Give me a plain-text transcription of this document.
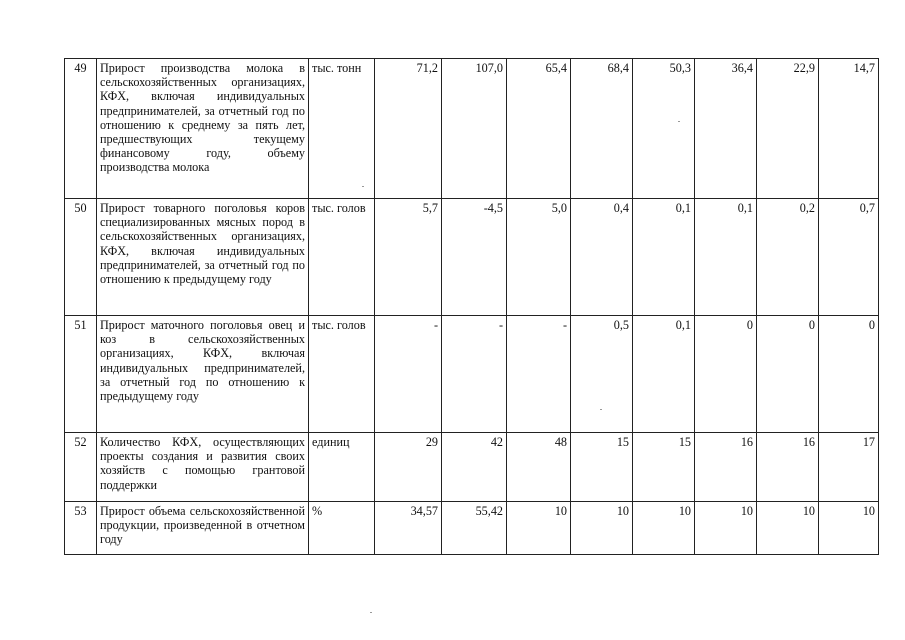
49	Прирост производства молока в сельскохозяйственных организациях, КФХ, включая индивидуальных предпринимателей, за отчетный год по отношению к среднему за пять лет, предшествующих текущему финансовому году, объему производства молока	тыс. тонн	71,2	107,0	65,4	68,4	50,3	36,4	22,9	14,7
50	Прирост товарного поголовья коров специализированных мясных пород в сельскохозяйственных организациях, КФХ, включая индивидуальных предпринимателей, за отчетный год по отношению к предыдущему году	тыс. голов	5,7	-4,5	5,0	0,4	0,1	0,1	0,2	0,7
51	Прирост маточного поголовья овец и коз в сельскохозяйственных организациях, КФХ, включая индивидуальных предпринимателей, за отчетный год по отношению к предыдущему году	тыс. голов	-	-	-	0,5	0,1	0	0	0
52	Количество КФХ, осуществляющих проекты создания и развития своих хозяйств с помощью грантовой поддержки	единиц	29	42	48	15	15	16	16	17
53	Прирост объема сельскохозяйственной продукции, произведенной в отчетном году	%	34,57	55,42	10	10	10	10	10	10
